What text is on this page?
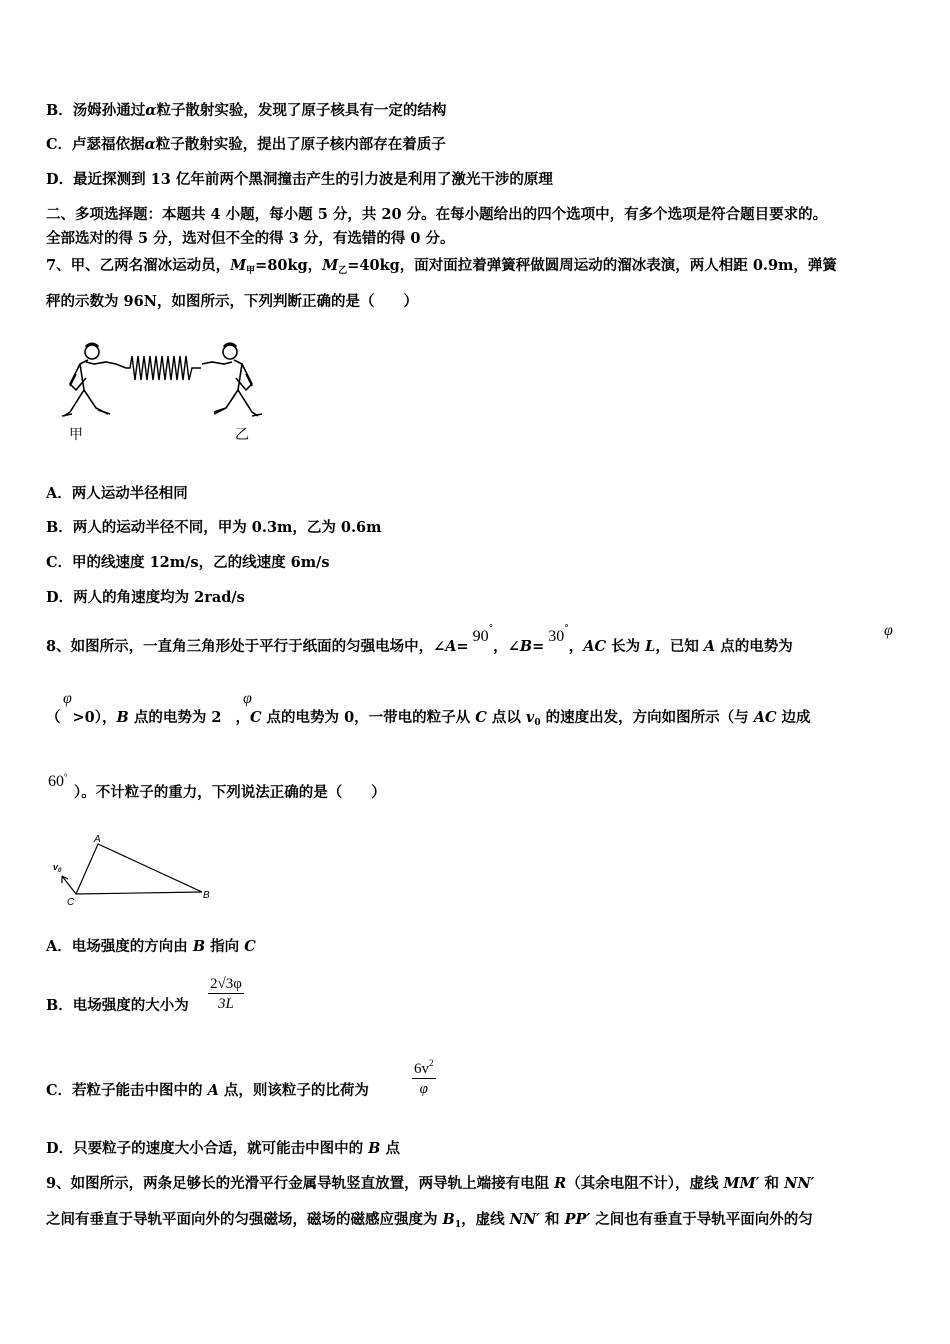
B．汤姆孙通过α粒子散射实验，发现了原子核具有一定的结构
C．卢瑟福依据α粒子散射实验，提出了原子核内部存在着质子
D．最近探测到 13 亿年前两个黑洞撞击产生的引力波是利用了激光干涉的原理
二、多项选择题：本题共 4 小题，每小题 5 分，共 20 分。在每小题给出的四个选项中，有多个选项是符合题目要求的。
全部选对的得 5 分，选对但不全的得 3 分，有选错的得 0 分。
7、甲、乙两名溜冰运动员，$M_甲=80kg$，$M_乙=40kg$，面对面拉着弹簧秤做圆周运动的溜冰表演，两人相距 0.9m，弹簧
秤的示数为 96N，如图所示，下列判断正确的是（　　）
甲	乙
A．两人运动半径相同
B．两人的运动半径不同，甲为 0.3m，乙为 0.6m
C．甲的线速度 12m/s，乙的线速度 6m/s
D．两人的角速度均为 2rad/s
8、如图所示，一直角三角形处于平行于纸面的匀强电场中，∠A=90°，∠B=30°，AC 长为 L，已知 A 点的电势为
φ
φ
（ >0），B 点的电势为 2 ，C 点的电势为 0，一带电的粒子从 C 点以 $v_0$ 的速度出发，方向如图所示（与 AC 边成
φ
60°
）。不计粒子的重力，下列说法正确的是（　　）
A
B
C
$v_0$
A．电场强度的方向由 B 指向 C
B．电场强度的大小为 $\frac{2√3\varphi}{3L}$
C．若粒子能击中图中的 A 点，则该粒子的比荷为	$\frac{6v^2}{\varphi}$
D．只要粒子的速度大小合适，就可能击中图中的 B 点
9、如图所示，两条足够长的光滑平行金属导轨竖直放置，两导轨上端接有电阻 R（其余电阻不计），虚线 MM′ 和 NN′
之间有垂直于导轨平面向外的匀强磁场，磁场的磁感应强度为 $B_1$，虚线 NN′ 和 PP′ 之间也有垂直于导轨平面向外的匀
